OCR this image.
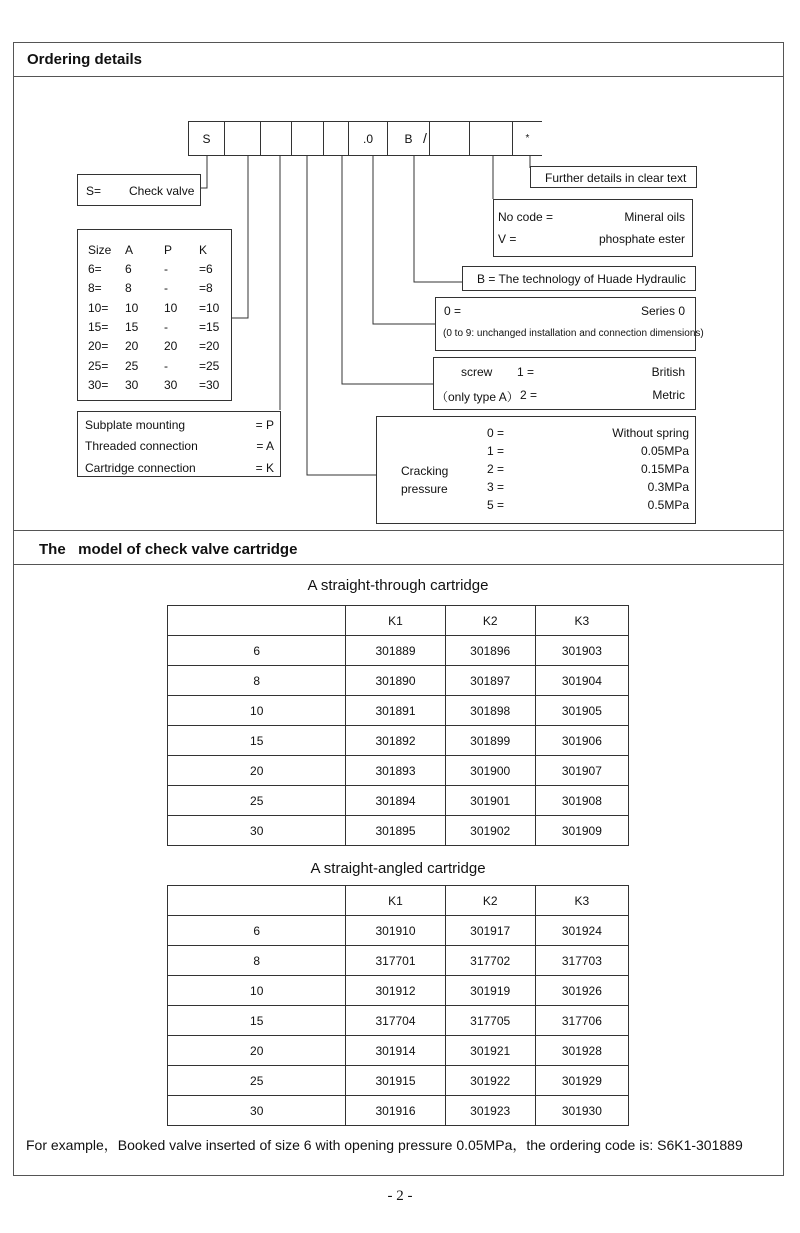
Ordering details
The   model of check valve cartridge
S	.0	B	*
/
S= Check valve
Size A	P K
6= 6	-	=6
8= 8	-	=8
10= 10 10 =10
15= 15 -	=15
20= 20 20 =20
25= 25 -	=25
30= 30 30 =30
Subplate mounting	= P
Threaded connection	= A
Cartridge connection	= K
Further details in clear text
No code =	Mineral oils
V =	phosphate ester
B = The technology of Huade Hydraulic
0 =	Series 0
(0 to 9: unchanged installation and connection dimensions)
screw 1 =	British
（only type A） 2 =	Metric
Cracking
pressure
0 =	Without spring
1 =	0.05MPa
2 =	0.15MPa
3 =	0.3MPa
5 =	0.5MPa
A straight-through cartridge
	K1	K2	K3
6	301889	301896	301903
8	301890	301897	301904
10	301891	301898	301905
15	301892	301899	301906
20	301893	301900	301907
25	301894	301901	301908
30	301895	301902	301909
A straight-angled cartridge
	K1	K2	K3
6	301910	301917	301924
8	317701	317702	317703
10	301912	301919	301926
15	317704	317705	317706
20	301914	301921	301928
25	301915	301922	301929
30	301916	301923	301930
For example，Booked valve inserted of size 6 with opening pressure 0.05MPa，the ordering code is: S6K1-301889
- 2 -
